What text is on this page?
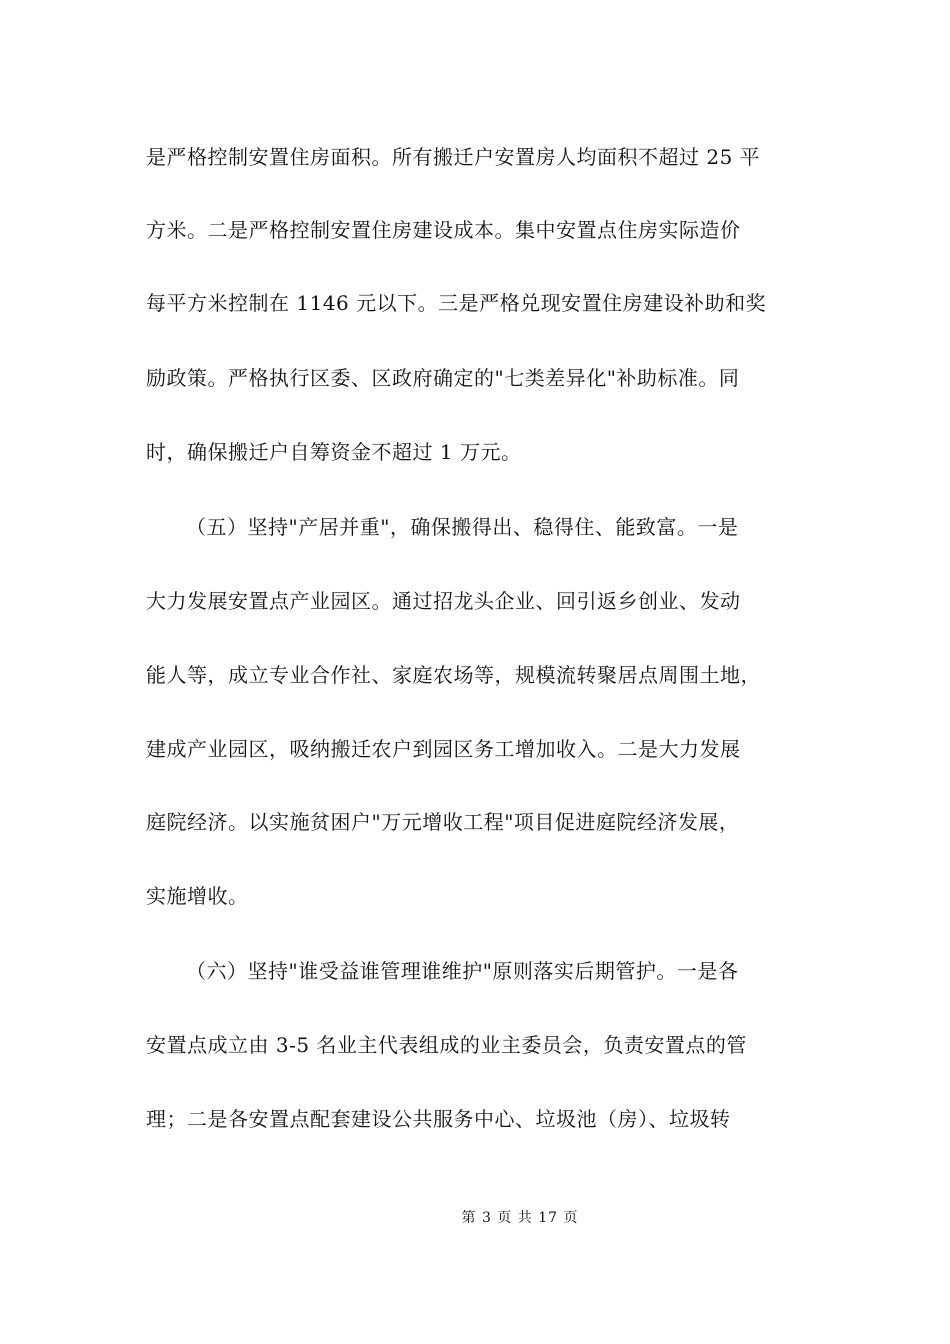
是严格控制安置住房面积。所有搬迁户安置房人均面积不超过 25 平
方米。二是严格控制安置住房建设成本。集中安置点住房实际造价
每平方米控制在 1146 元以下。三是严格兑现安置住房建设补助和奖
励政策。严格执行区委、区政府确定的"七类差异化"补助标准。同
时，确保搬迁户自筹资金不超过 1 万元。
（五）坚持"产居并重"，确保搬得出、稳得住、能致富。一是
大力发展安置点产业园区。通过招龙头企业、回引返乡创业、发动
能人等，成立专业合作社、家庭农场等，规模流转聚居点周围土地，
建成产业园区，吸纳搬迁农户到园区务工增加收入。二是大力发展
庭院经济。以实施贫困户"万元增收工程"项目促进庭院经济发展，
实施增收。
（六）坚持"谁受益谁管理谁维护"原则落实后期管护。一是各
安置点成立由 3-5 名业主代表组成的业主委员会，负责安置点的管
理；二是各安置点配套建设公共服务中心、垃圾池（房）、垃圾转
第 3 页 共 17 页
